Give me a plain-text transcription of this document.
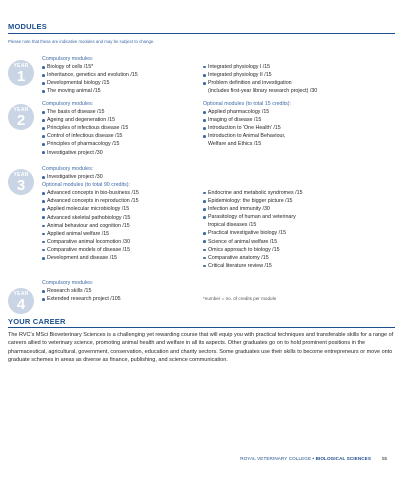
MODULES
Please note that these are indicative modules and may be subject to change.
YEAR
1
Compulsory modules:
Biology of cells /15*
Inheritance, genetics and evolution /15
Developmental biology /15
The moving animal /15
Integrated physiology I /15
Integrated physiology II /15
Problem definition and investigation
(includes first-year library research project) /30
YEAR
2
Compulsory modules:
The basis of disease /15
Ageing and degeneration /15
Principles of infectious disease /15
Control of infectious disease /15
Principles of pharmacology /15
Investigative project /30
Optional modules (to total 15 credits):
Applied pharmacology /15
Imaging of disease /15
Introduction to 'One Health' /15
Introduction to Animal Behaviour,
Welfare and Ethics /15
YEAR
3
Compulsory modules:
Investigative project /30
Optional modules (to total 90 credits):
Advanced concepts in bio-business /15
Advanced concepts in reproduction /15
Applied molecular microbiology /15
Advanced skeletal pathobiology /15
Animal behaviour and cognition /15
Applied animal welfare /15
Comparative animal locomotion /30
Comparative models of disease /15
Development and disease /15
Endocrine and metabolic syndromes /15
Epidemiology: the bigger picture /15
Infection and immunity /30
Parasitology of human and veterinary
tropical diseases /15
Practical investigative biology /15
Science of animal welfare /15
Omics approach to biology /15
Comparative anatomy /15
Critical literature review /15
YEAR
4
Compulsory modules:
Research skills /15
Extended research project /105	*number = no. of credits per module
YOUR CAREER
The RVC's MSci Bioveterinary Sciences is a challenging yet rewarding course that will equip you with practical techniques and transferable skills for a range of careers allied to veterinary science, promoting animal health and welfare in all its aspects. Other graduates go on to hold prominent positions in the pharmaceutical, agricultural, government, conservation, education and charity sectors. Some graduates use their skills to become entrepreneurs or move onto graduate schemes in areas as diverse as finance, publishing, and science communication.
ROYAL VETERINARY COLLEGE • BIOLOGICAL SCIENCES 55
